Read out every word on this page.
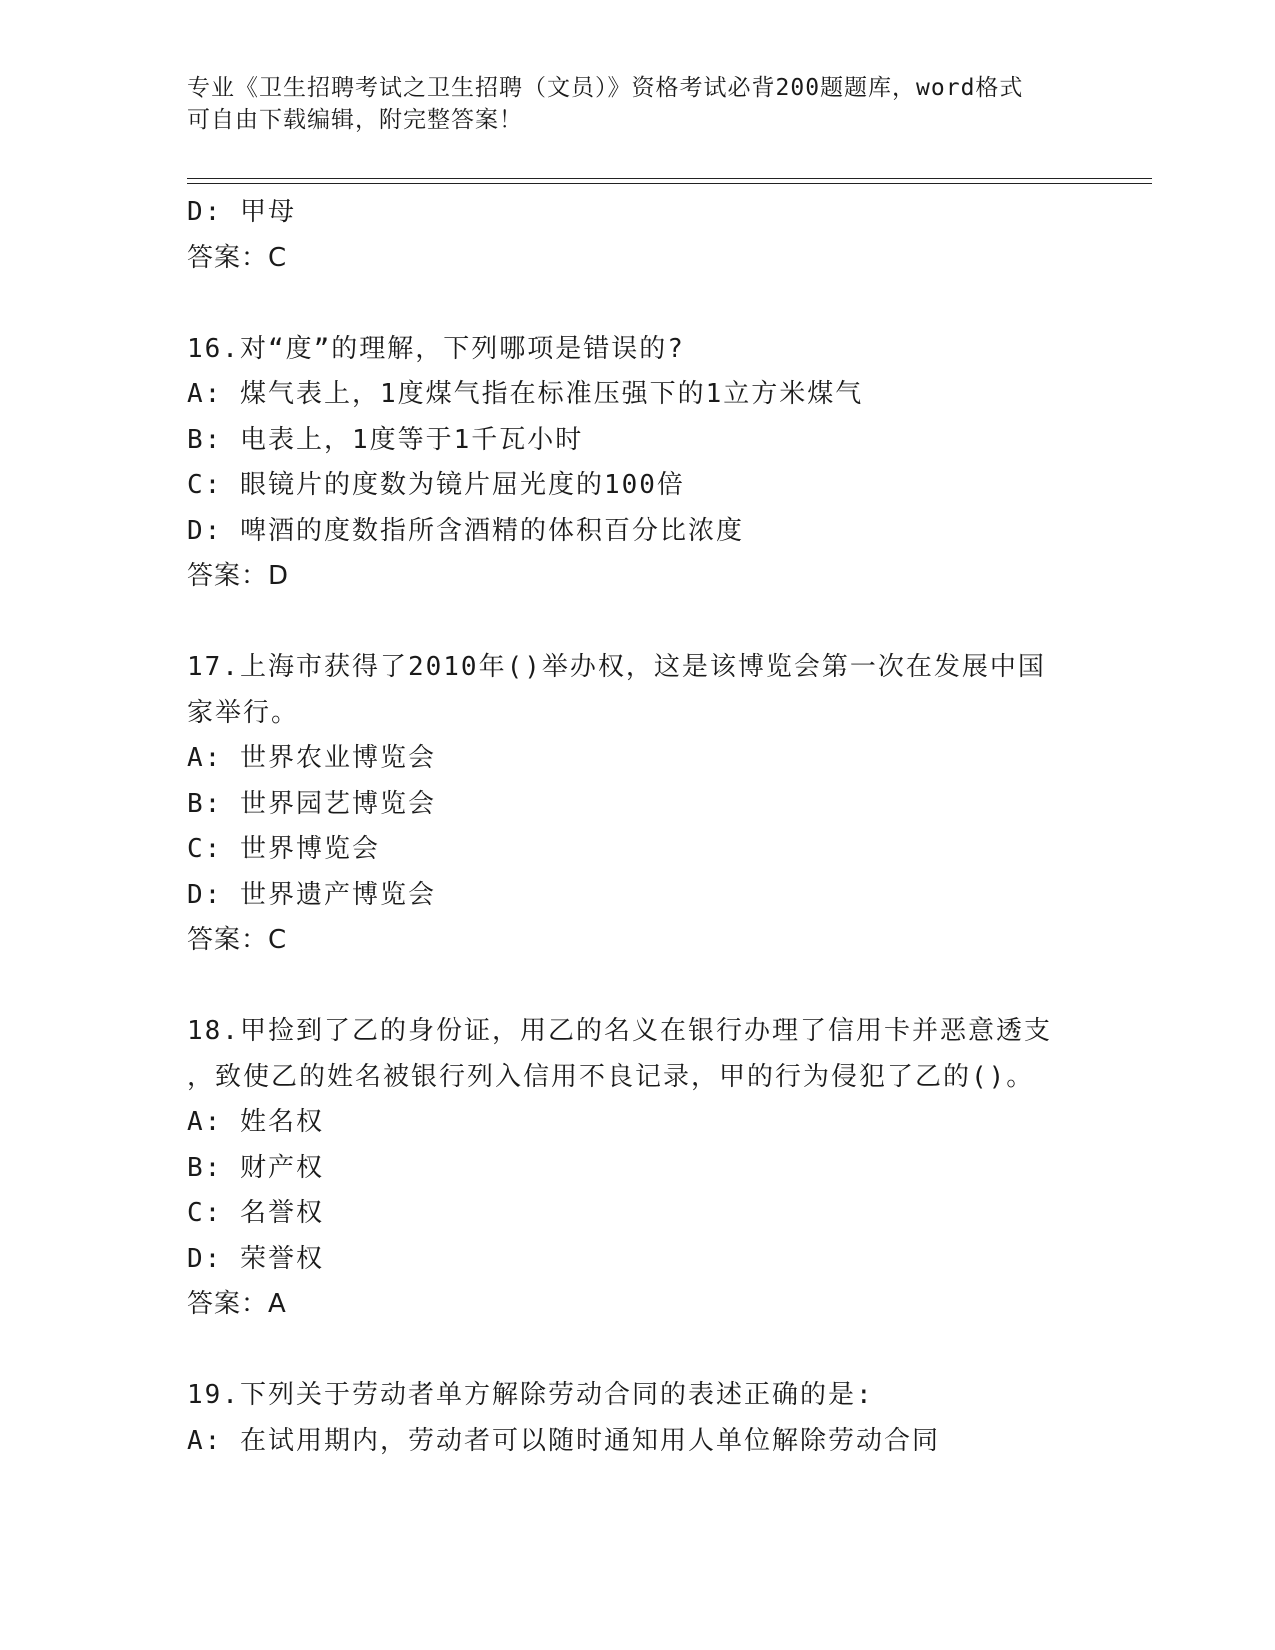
专业《卫生招聘考试之卫生招聘（文员）》资格考试必背200题题库，word格式
可自由下载编辑，附完整答案！
D: 甲母
答案：C
16.对“度”的理解，下列哪项是错误的?
A: 煤气表上，1度煤气指在标准压强下的1立方米煤气
B: 电表上，1度等于1千瓦小时
C: 眼镜片的度数为镜片屈光度的100倍
D: 啤酒的度数指所含酒精的体积百分比浓度
答案：D
17.上海市获得了2010年()举办权，这是该博览会第一次在发展中国
家举行。
A: 世界农业博览会
B: 世界园艺博览会
C: 世界博览会
D: 世界遗产博览会
答案：C
18.甲捡到了乙的身份证，用乙的名义在银行办理了信用卡并恶意透支
，致使乙的姓名被银行列入信用不良记录，甲的行为侵犯了乙的()。
A: 姓名权
B: 财产权
C: 名誉权
D: 荣誉权
答案：A
19.下列关于劳动者单方解除劳动合同的表述正确的是:
A: 在试用期内，劳动者可以随时通知用人单位解除劳动合同
